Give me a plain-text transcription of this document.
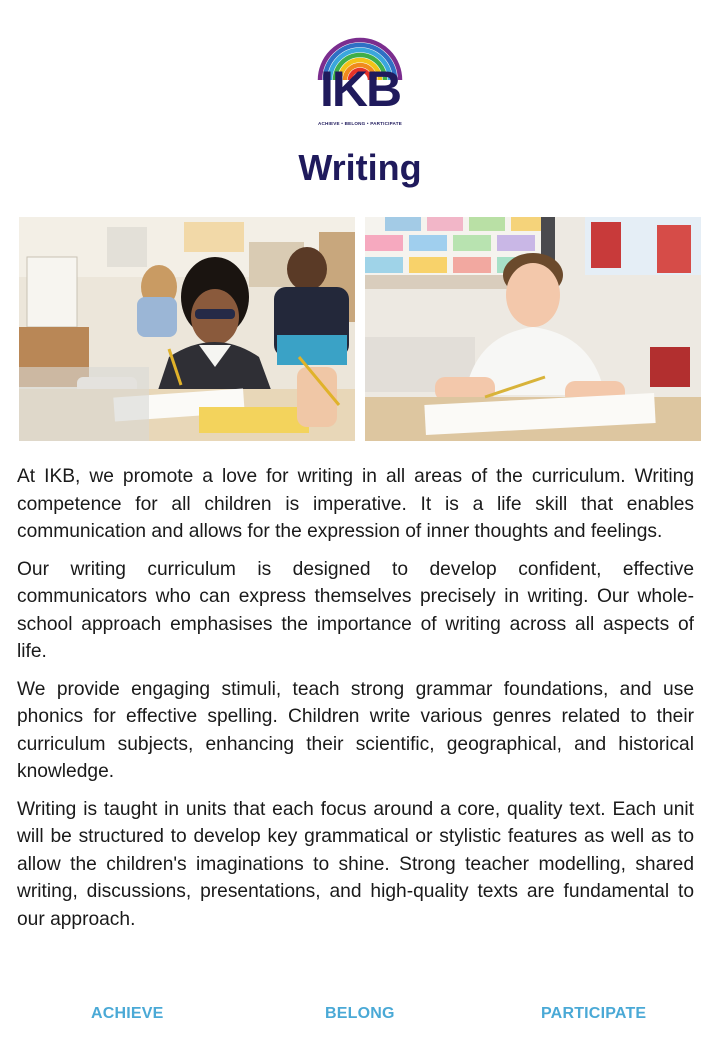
IKB
ACHIEVE • BELONG • PARTICIPATE
Writing

At IKB, we promote a love for writing in all areas of the curriculum. Writing competence for all children is imperative. It is a life skill that enables communication and allows for the expression of inner thoughts and feelings.

Our writing curriculum is designed to develop confident, effective communicators who can express themselves precisely in writing. Our whole-school approach emphasises the importance of writing across all aspects of life.

We provide engaging stimuli, teach strong grammar foundations, and use phonics for effective spelling. Children write various genres related to their curriculum subjects, enhancing their scientific, geographical, and historical knowledge.

Writing is taught in units that each focus around a core, quality text. Each unit will be structured to develop key grammatical or stylistic features as well as to allow the children's imaginations to shine. Strong teacher modelling, shared writing, discussions, presentations, and high-quality texts are fundamental to our approach.

ACHIEVE	BELONG	PARTICIPATE
